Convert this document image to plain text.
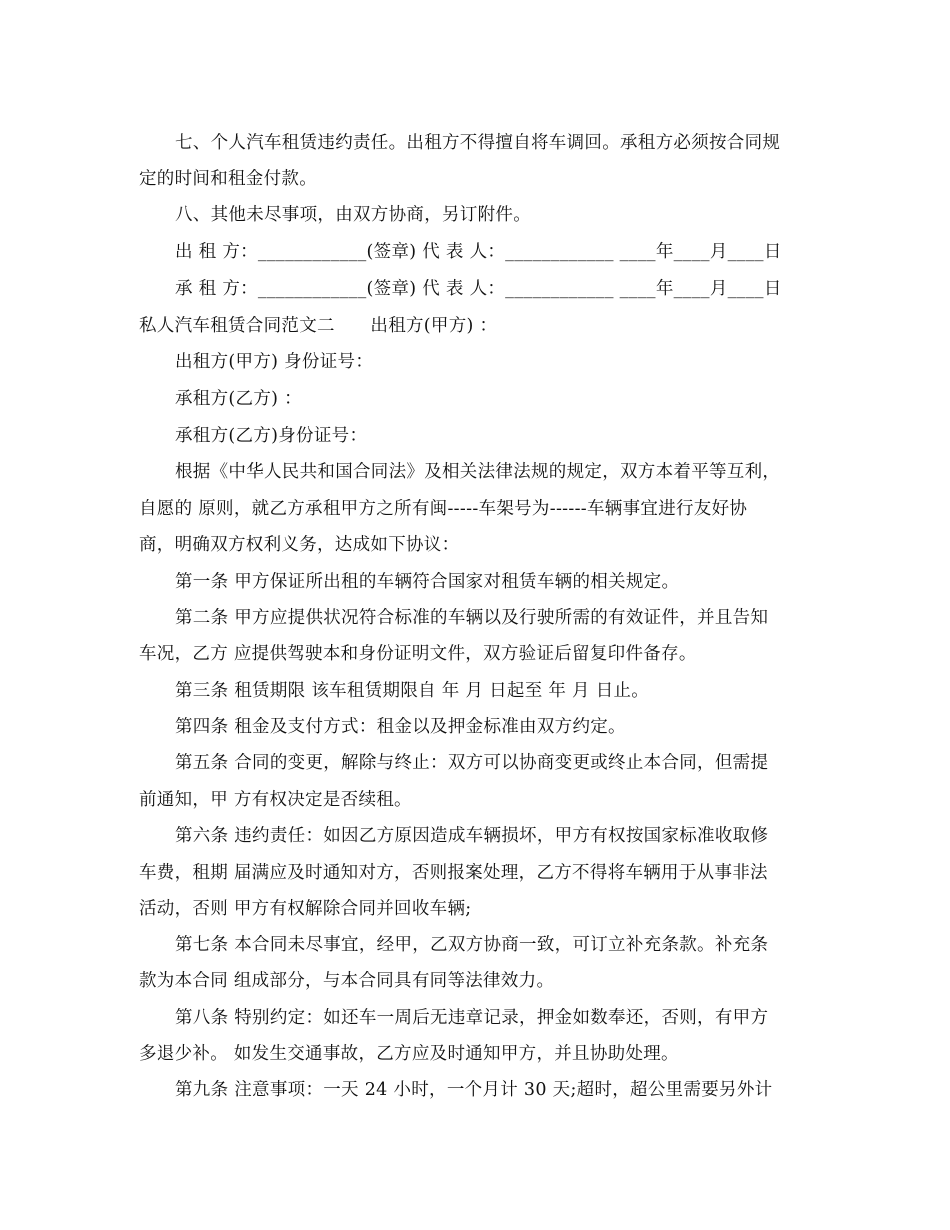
七、个人汽车租赁违约责任。出租方不得擅自将车调回。承租方必须按合同规
定的时间和租金付款。
八、其他未尽事项，由双方协商，另订附件。
出 租 方：____________(签章) 代 表 人：____________ ____年____月____日
承 租 方：____________(签章) 代 表 人：____________ ____年____月____日
私人汽车租赁合同范文二　　出租方(甲方) ：
出租方(甲方) 身份证号：
承租方(乙方) ：
承租方(乙方)身份证号：
根据《中华人民共和国合同法》及相关法律法规的规定，双方本着平等互利，
自愿的 原则，就乙方承租甲方之所有闽-----车架号为------车辆事宜进行友好协
商，明确双方权利义务，达成如下协议：
第一条 甲方保证所出租的车辆符合国家对租赁车辆的相关规定。
第二条 甲方应提供状况符合标准的车辆以及行驶所需的有效证件，并且告知
车况，乙方 应提供驾驶本和身份证明文件，双方验证后留复印件备存。
第三条 租赁期限 该车租赁期限自 年 月 日起至 年 月 日止。
第四条 租金及支付方式：租金以及押金标准由双方约定。
第五条 合同的变更，解除与终止：双方可以协商变更或终止本合同，但需提
前通知，甲 方有权决定是否续租。
第六条 违约责任：如因乙方原因造成车辆损坏，甲方有权按国家标准收取修
车费，租期 届满应及时通知对方，否则报案处理，乙方不得将车辆用于从事非法
活动，否则 甲方有权解除合同并回收车辆;
第七条 本合同未尽事宜，经甲，乙双方协商一致，可订立补充条款。补充条
款为本合同 组成部分，与本合同具有同等法律效力。
第八条 特别约定：如还车一周后无违章记录，押金如数奉还，否则，有甲方
多退少补。 如发生交通事故，乙方应及时通知甲方，并且协助处理。
第九条 注意事项：一天 24 小时，一个月计 30 天;超时，超公里需要另外计
